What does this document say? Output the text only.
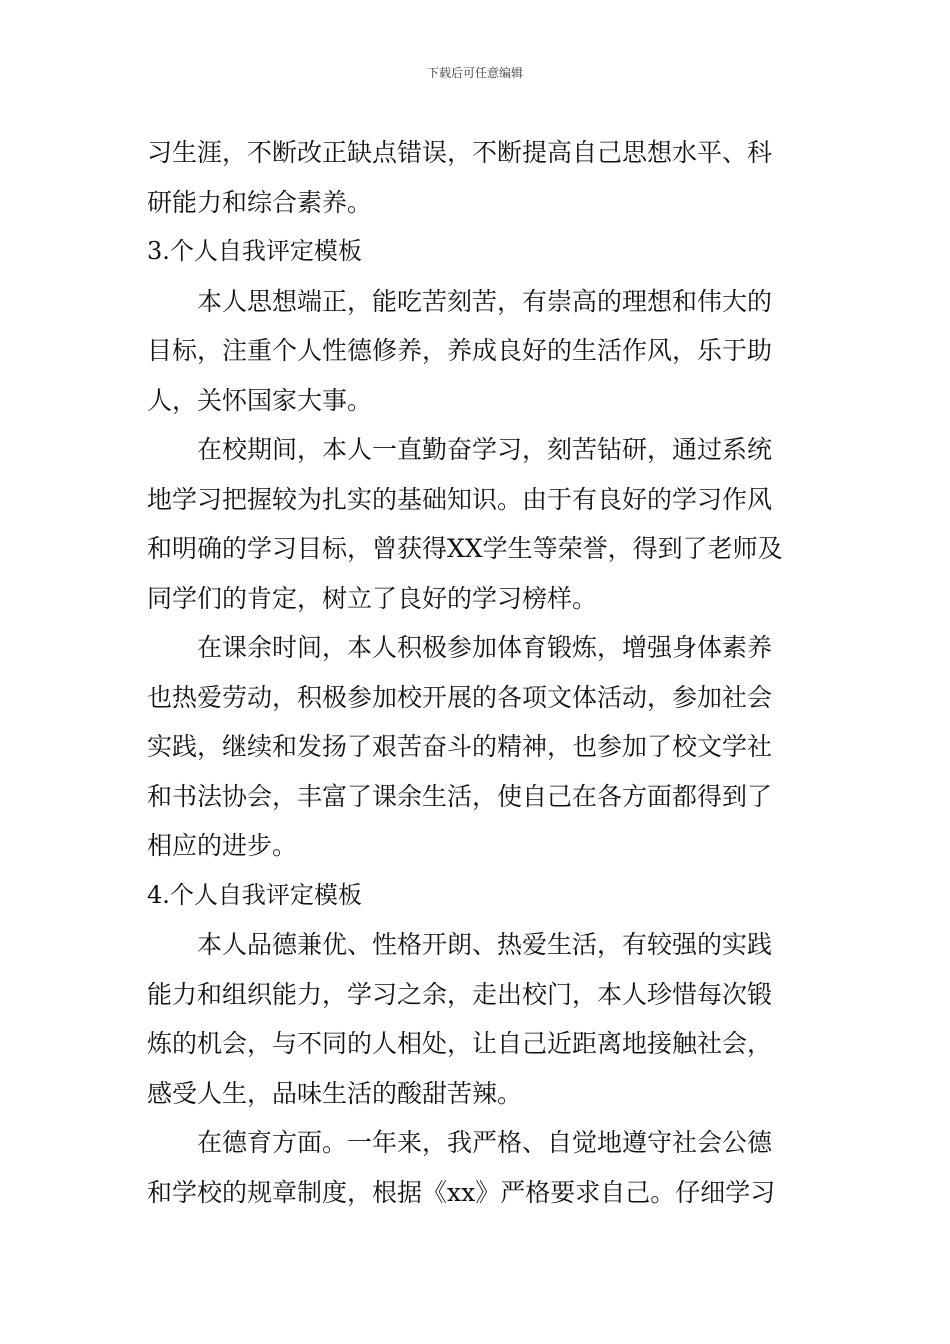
下载后可任意编辑
习生涯，不断改正缺点错误，不断提高自己思想水平、科
研能力和综合素养。
3.个人自我评定模板
本人思想端正，能吃苦刻苦，有崇高的理想和伟大的
目标，注重个人性德修养，养成良好的生活作风，乐于助
人，关怀国家大事。
在校期间，本人一直勤奋学习，刻苦钻研，通过系统
地学习把握较为扎实的基础知识。由于有良好的学习作风
和明确的学习目标，曾获得XX学生等荣誉，得到了老师及
同学们的肯定，树立了良好的学习榜样。
在课余时间，本人积极参加体育锻炼，增强身体素养
也热爱劳动，积极参加校开展的各项文体活动，参加社会
实践，继续和发扬了艰苦奋斗的精神，也参加了校文学社
和书法协会，丰富了课余生活，使自己在各方面都得到了
相应的进步。
4.个人自我评定模板
本人品德兼优、性格开朗、热爱生活，有较强的实践
能力和组织能力，学习之余，走出校门，本人珍惜每次锻
炼的机会，与不同的人相处，让自己近距离地接触社会，
感受人生，品味生活的酸甜苦辣。
在德育方面。一年来，我严格、自觉地遵守社会公德
和学校的规章制度，根据《xx》严格要求自己。仔细学习
